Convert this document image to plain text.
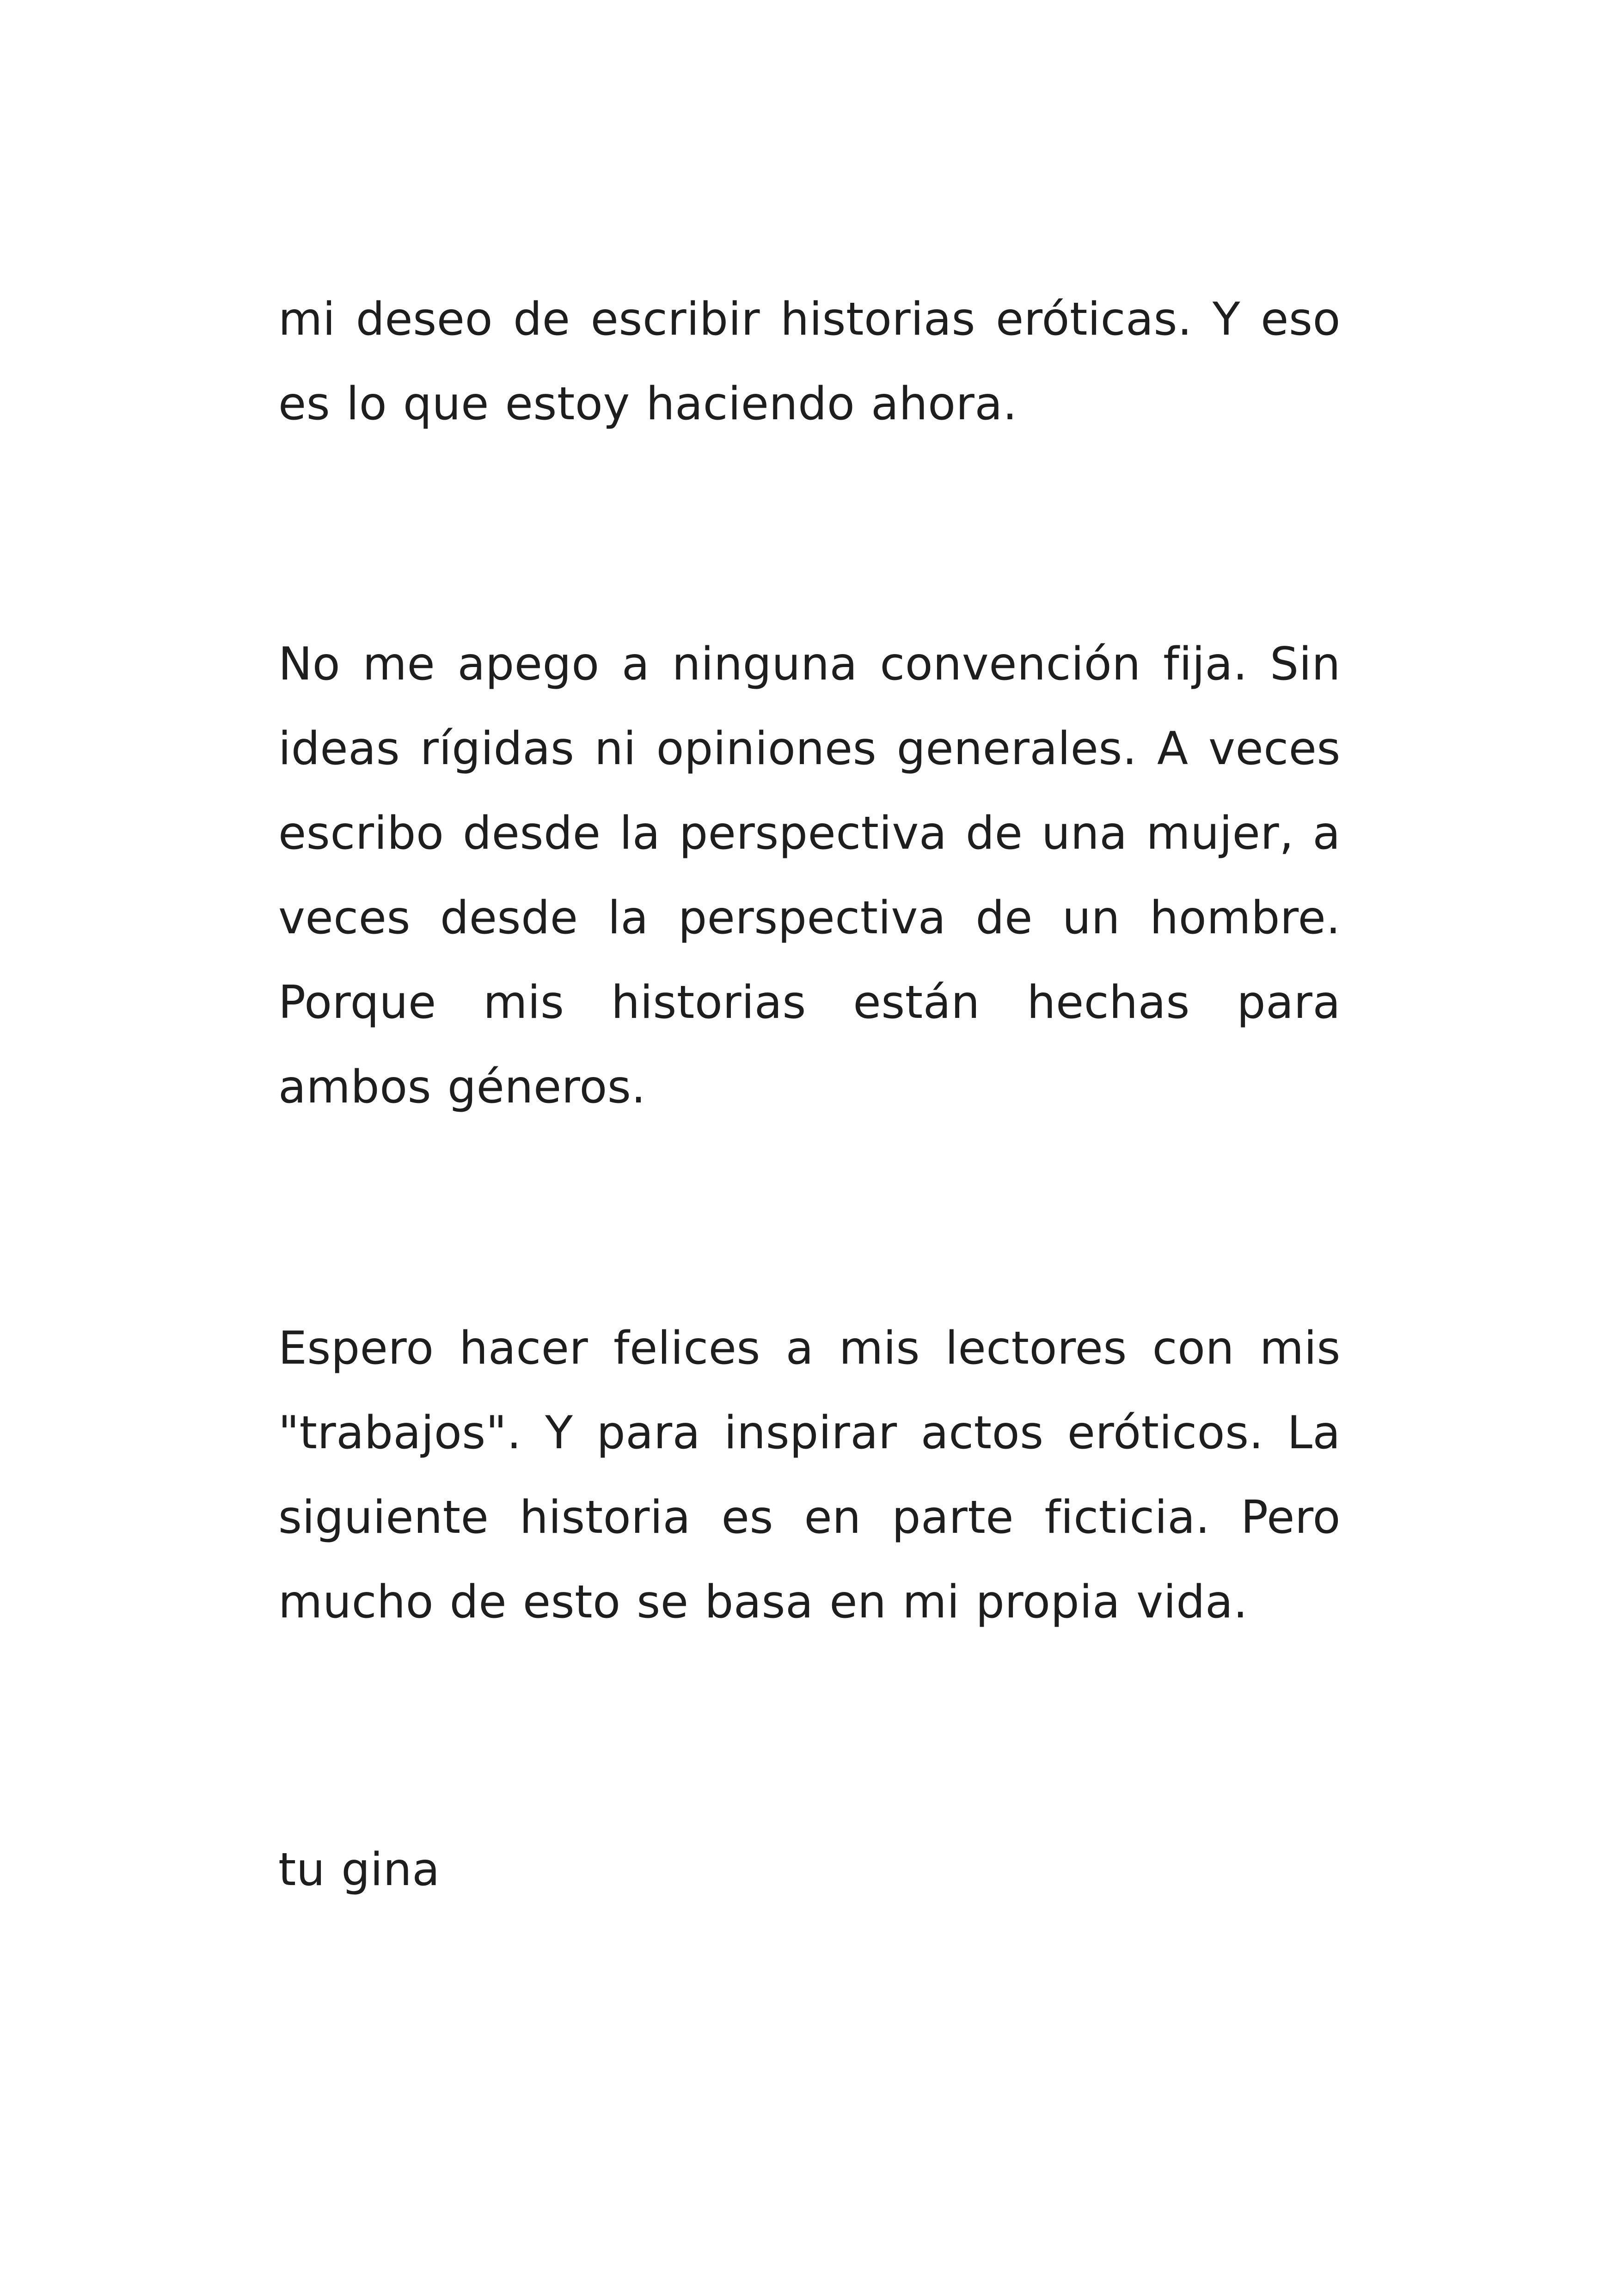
mi deseo de escribir historias eróticas. Y eso es lo que estoy haciendo ahora.

No me apego a ninguna convención fija. Sin ideas rígidas ni opiniones generales. A veces escribo desde la perspectiva de una mujer, a veces desde la perspectiva de un hombre. Porque mis historias están hechas para ambos géneros.

Espero hacer felices a mis lectores con mis "trabajos". Y para inspirar actos eróticos. La siguiente historia es en parte ficticia. Pero mucho de esto se basa en mi propia vida.

tu gina
